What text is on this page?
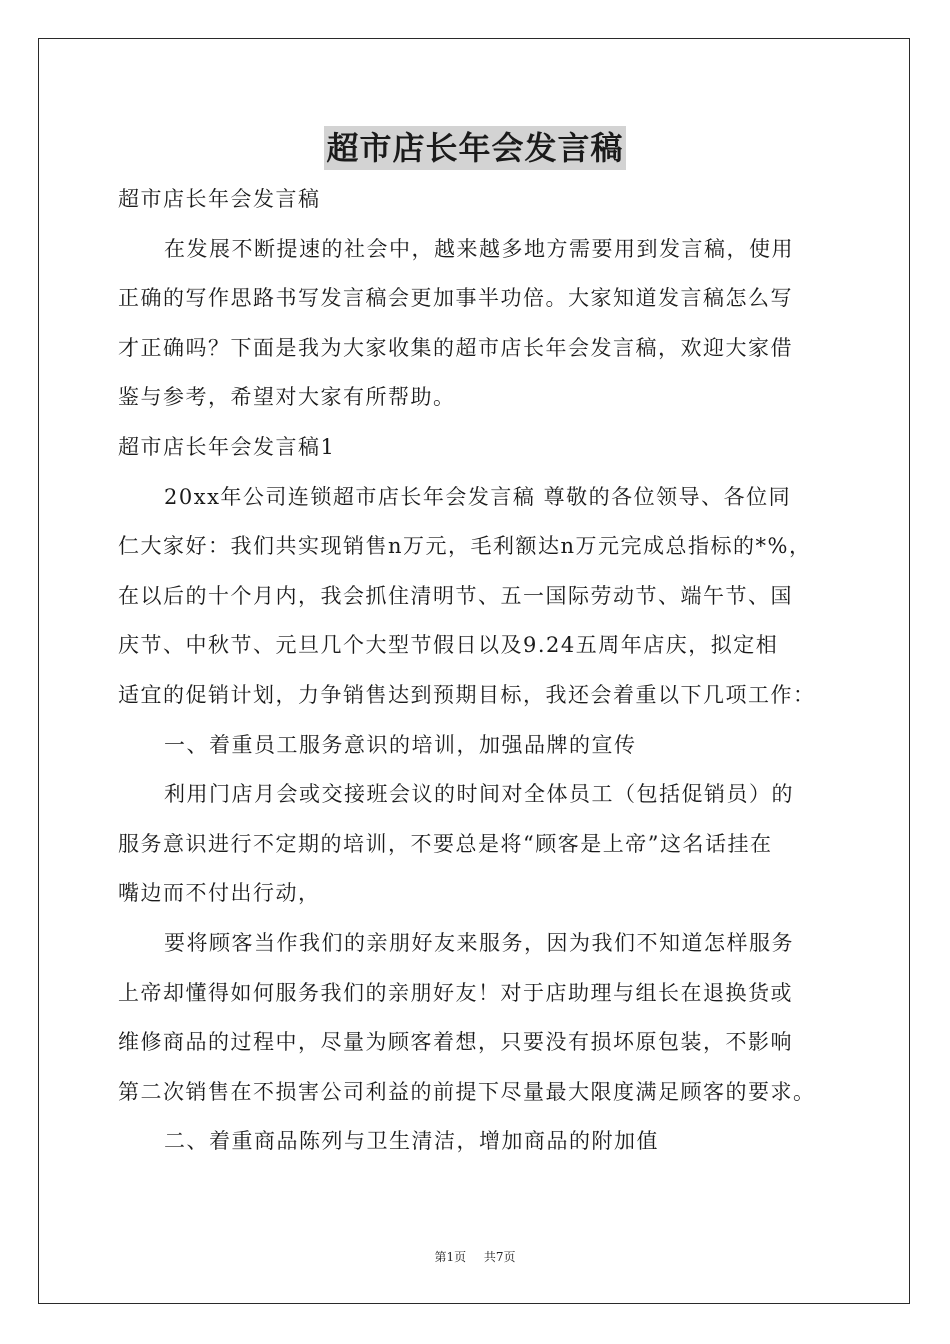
超市店长年会发言稿
超市店长年会发言稿
在发展不断提速的社会中，越来越多地方需要用到发言稿，使用
正确的写作思路书写发言稿会更加事半功倍。大家知道发言稿怎么写
才正确吗？下面是我为大家收集的超市店长年会发言稿，欢迎大家借
鉴与参考，希望对大家有所帮助。
超市店长年会发言稿1
20xx年公司连锁超市店长年会发言稿 尊敬的各位领导、各位同
仁大家好：我们共实现销售n万元，毛利额达n万元完成总指标的*%，
在以后的十个月内，我会抓住清明节、五一国际劳动节、端午节、国
庆节、中秋节、元旦几个大型节假日以及9.24五周年店庆，拟定相
适宜的促销计划，力争销售达到预期目标，我还会着重以下几项工作：
一、着重员工服务意识的培训，加强品牌的宣传
利用门店月会或交接班会议的时间对全体员工（包括促销员）的
服务意识进行不定期的培训，不要总是将“顾客是上帝”这名话挂在
嘴边而不付出行动，
要将顾客当作我们的亲朋好友来服务，因为我们不知道怎样服务
上帝却懂得如何服务我们的亲朋好友！对于店助理与组长在退换货或
维修商品的过程中，尽量为顾客着想，只要没有损坏原包装，不影响
第二次销售在不损害公司利益的前提下尽量最大限度满足顾客的要求。
二、着重商品陈列与卫生清洁，增加商品的附加值
第1页 共7页
